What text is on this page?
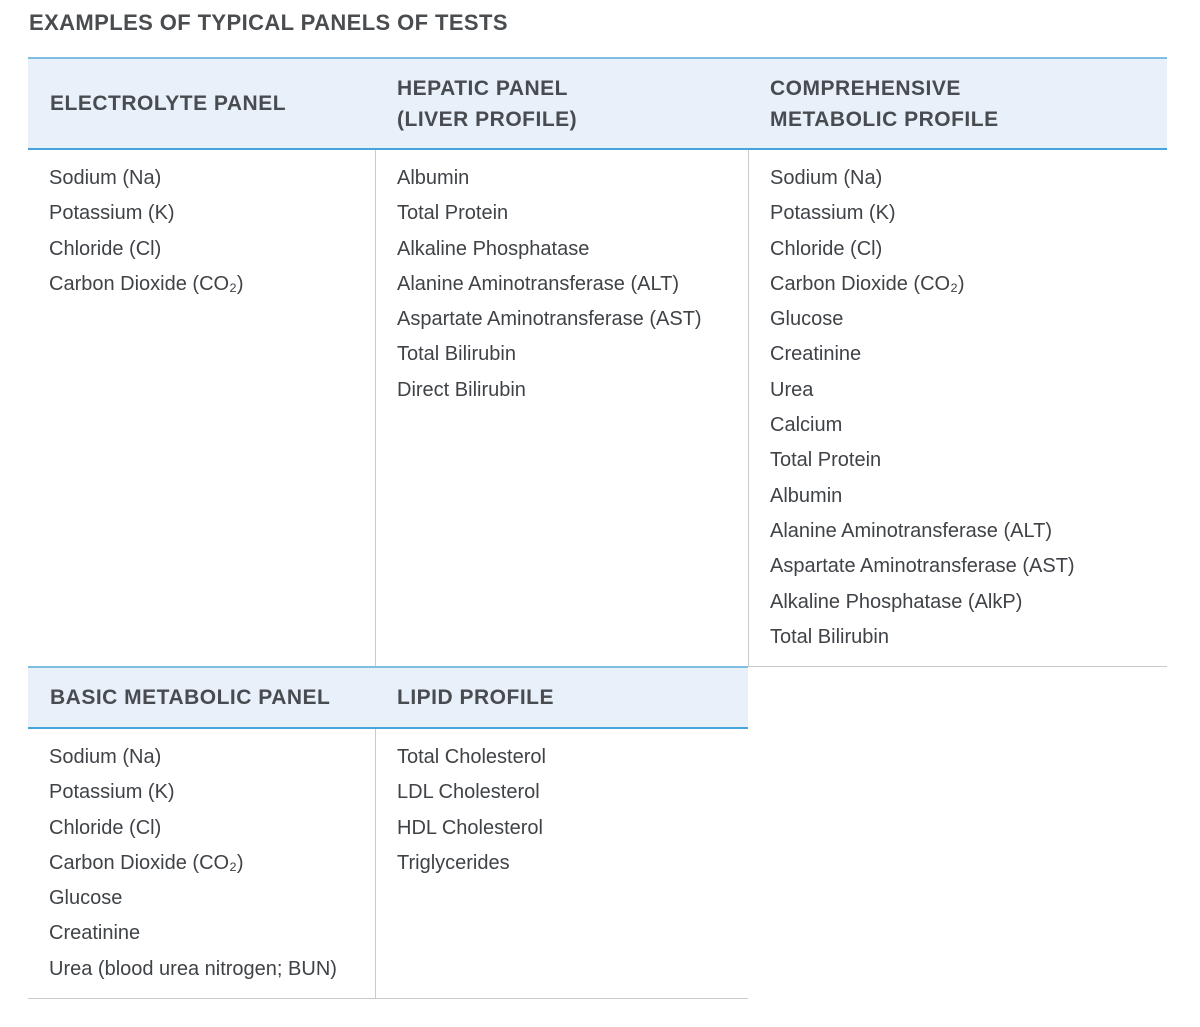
EXAMPLES OF TYPICAL PANELS OF TESTS
ELECTROLYTE PANEL
HEPATIC PANEL
(LIVER PROFILE)
COMPREHENSIVE
METABOLIC PROFILE
BASIC METABOLIC PANEL	LIPID PROFILE
Sodium (Na)
Potassium (K)
Chloride (Cl)
Carbon Dioxide (CO₂)
Albumin
Total Protein
Alkaline Phosphatase
Alanine Aminotransferase (ALT)
Aspartate Aminotransferase (AST)
Total Bilirubin
Direct Bilirubin
Sodium (Na)
Potassium (K)
Chloride (Cl)
Carbon Dioxide (CO₂)
Glucose
Creatinine
Urea
Calcium
Total Protein
Albumin
Alanine Aminotransferase (ALT)
Aspartate Aminotransferase (AST)
Alkaline Phosphatase (AlkP)
Total Bilirubin
Sodium (Na)
Potassium (K)
Chloride (Cl)
Carbon Dioxide (CO₂)
Glucose
Creatinine
Urea (blood urea nitrogen; BUN)
Total Cholesterol
LDL Cholesterol
HDL Cholesterol
Triglycerides
